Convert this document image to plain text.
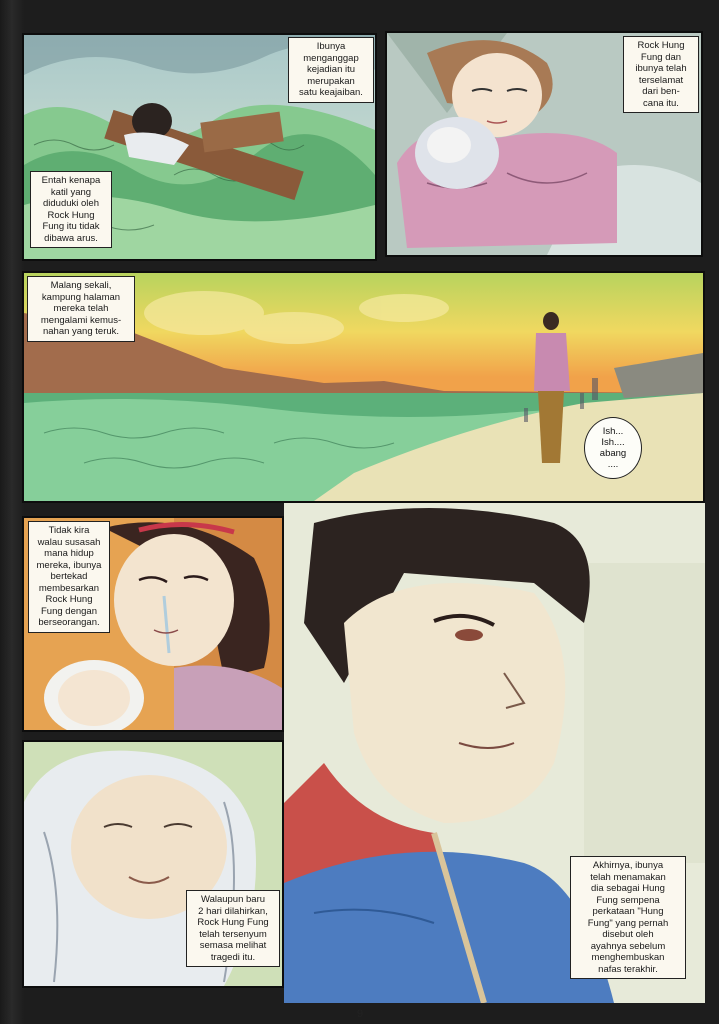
Ibunya
menganggap
kejadian itu
merupakan
satu keajaiban.
Entah kenapa
katil yang
diduduki oleh
Rock Hung
Fung itu tidak
dibawa arus.
Rock Hung
Fung dan
ibunya telah
terselamat
dari ben-
cana itu.
Malang sekali,
kampung halaman
mereka telah
mengalami kemus-
nahan yang teruk.
Ish...
Ish....
abang
....
Tidak kira
walau susasah
mana hidup
mereka, ibunya
bertekad
membesarkan
Rock Hung
Fung dengan
berseorangan.
Akhirnya, ibunya
telah menamakan
dia sebagai Hung
Fung sempena
perkataan "Hung
Fung" yang pernah
disebut oleh
ayahnya sebelum
menghembuskan
nafas terakhir.
Walaupun baru
2 hari dilahirkan,
Rock Hung Fung
telah tersenyum
semasa melihat
tragedi itu.
9
